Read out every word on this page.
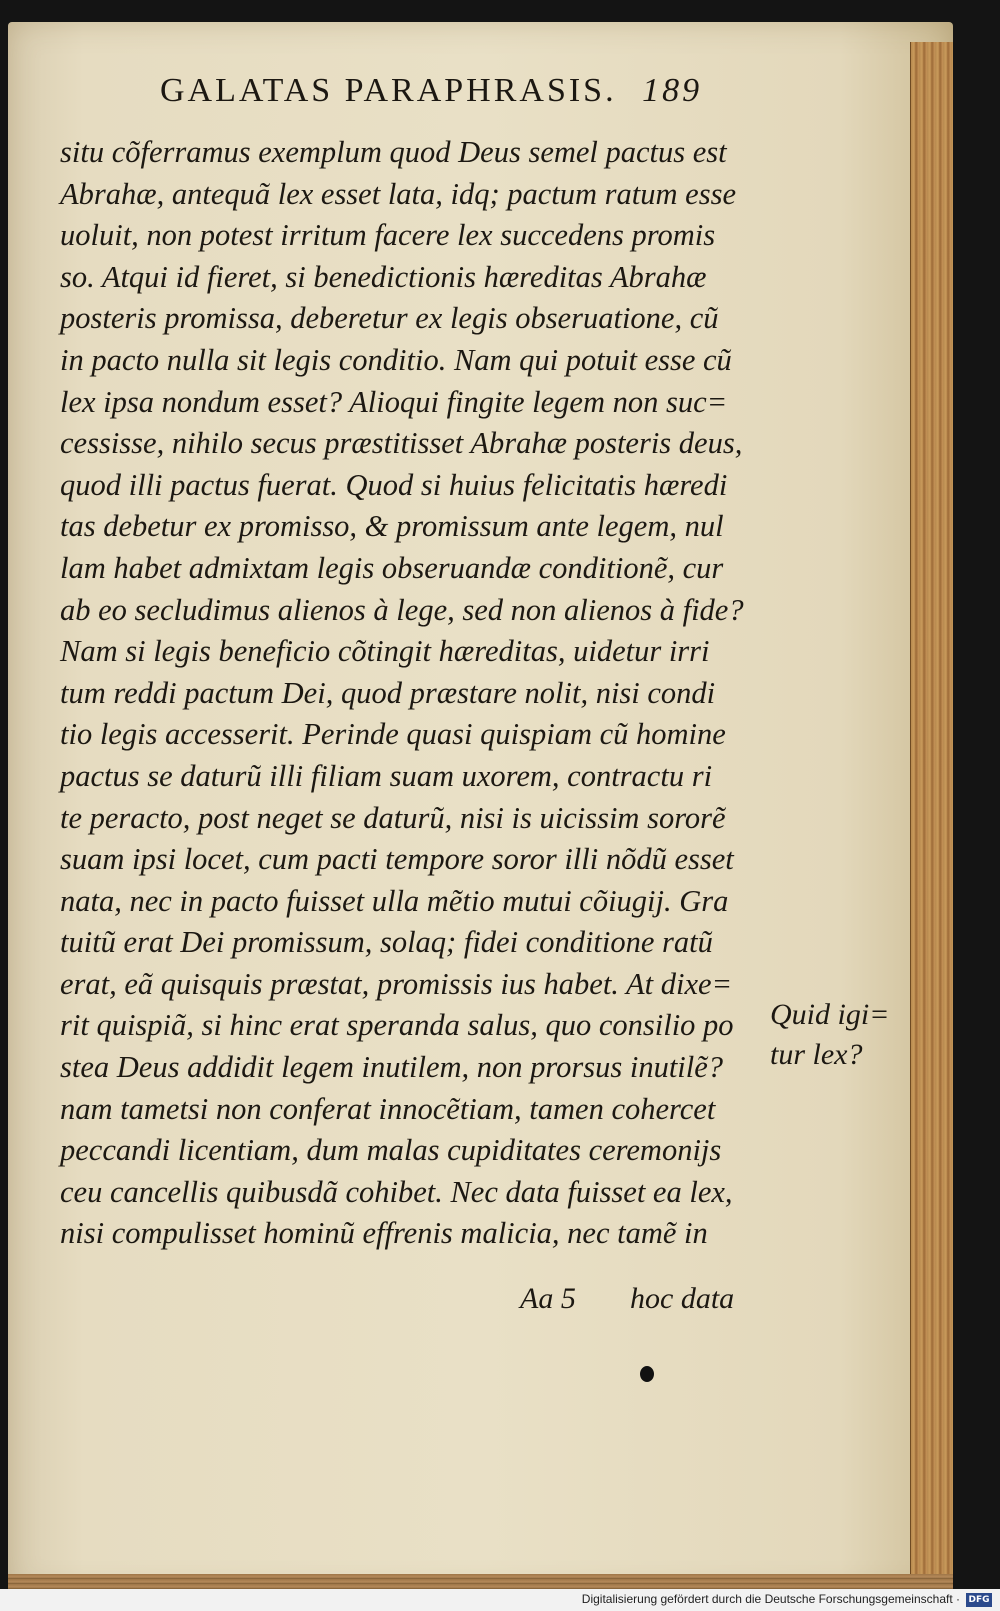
GALATAS PARAPHRASIS. 189
situ cõferramus exemplum quod Deus semel pactus est
Abrahæ, antequã lex esset lata, idq; pactum ratum esse
uoluit, non potest irritum facere lex succedens promis
so. Atqui id fieret, si benedictionis hæreditas Abrahæ
posteris promissa, deberetur ex legis obseruatione, cũ
in pacto nulla sit legis conditio. Nam qui potuit esse cũ
lex ipsa nondum esset? Alioqui fingite legem non suc=
cessisse, nihilo secus præstitisset Abrahæ posteris deus,
quod illi pactus fuerat. Quod si huius felicitatis hæredi
tas debetur ex promisso, & promissum ante legem, nul
lam habet admixtam legis obseruandæ conditionẽ, cur
ab eo secludimus alienos à lege, sed non alienos à fide?
Nam si legis beneficio cõtingit hæreditas, uidetur irri
tum reddi pactum Dei, quod præstare nolit, nisi condi
tio legis accesserit. Perinde quasi quispiam cũ homine
pactus se daturũ illi filiam suam uxorem, contractu ri
te peracto, post neget se daturũ, nisi is uicissim sororẽ
suam ipsi locet, cum pacti tempore soror illi nõdũ esset
nata, nec in pacto fuisset ulla mẽtio mutui cõiugij. Gra
tuitũ erat Dei promissum, solaq; fidei conditione ratũ
erat, eã quisquis præstat, promissis ius habet. At dixe=
rit quispiã, si hinc erat speranda salus, quo consilio po
stea Deus addidit legem inutilem, non prorsus inutilẽ?
nam tametsi non conferat innocẽtiam, tamen cohercet
peccandi licentiam, dum malas cupiditates ceremonijs
ceu cancellis quibusdã cohibet. Nec data fuisset ea lex,
nisi compulisset hominũ effrenis malicia, nec tamẽ in
Quid igi=
tur lex?
Aa 5 hoc data
Digitalisierung gefördert durch die Deutsche Forschungsgemeinschaft · DFG
